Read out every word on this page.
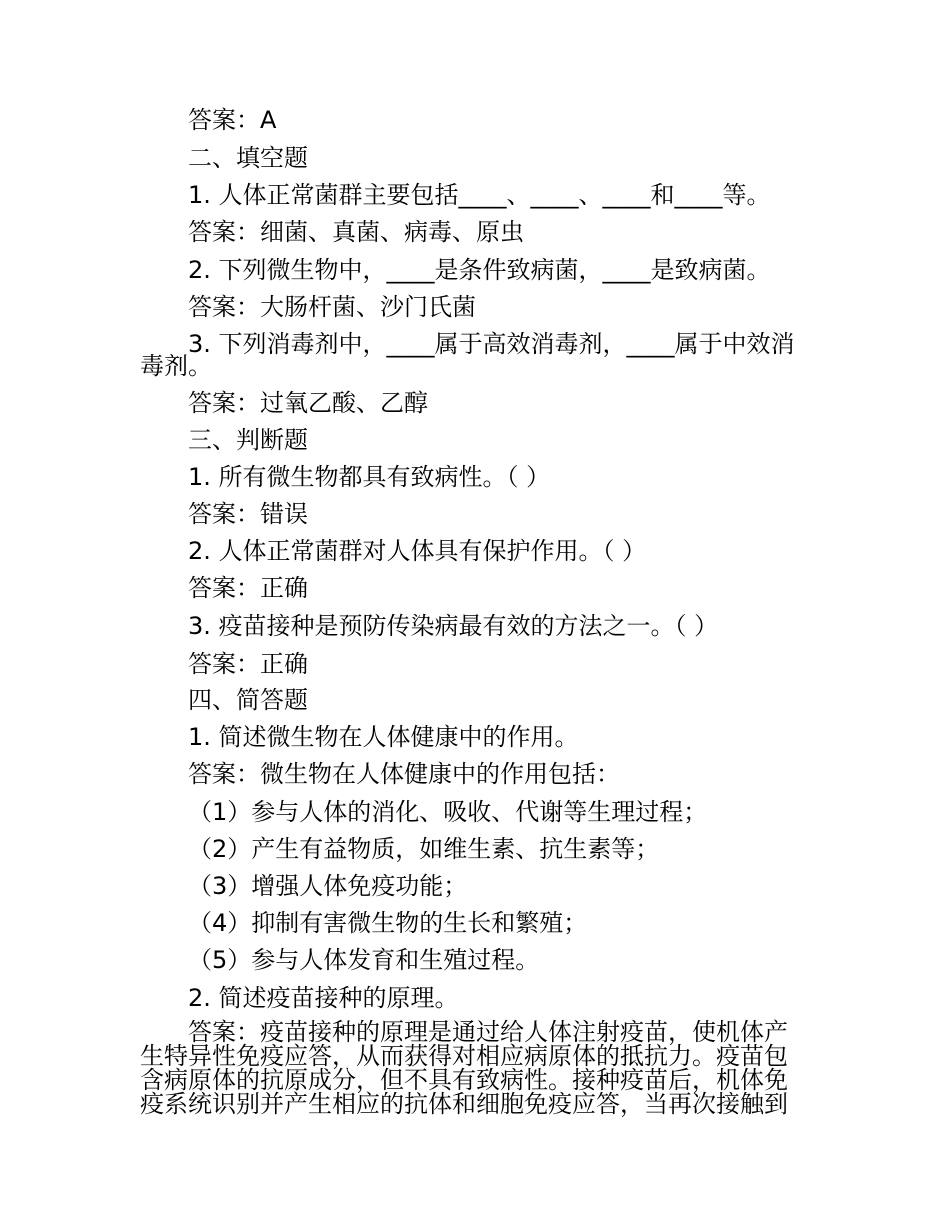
答案：A
二、填空题
1. 人体正常菌群主要包括____、____、____和____等。
答案：细菌、真菌、病毒、原虫
2. 下列微生物中，____是条件致病菌，____是致病菌。
答案：大肠杆菌、沙门氏菌
3. 下列消毒剂中，____属于高效消毒剂，____属于中效消
毒剂。
答案：过氧乙酸、乙醇
三、判断题
1. 所有微生物都具有致病性。（ ）
答案：错误
2. 人体正常菌群对人体具有保护作用。（ ）
答案：正确
3. 疫苗接种是预防传染病最有效的方法之一。（ ）
答案：正确
四、简答题
1. 简述微生物在人体健康中的作用。
答案：微生物在人体健康中的作用包括：
（1）参与人体的消化、吸收、代谢等生理过程；
（2）产生有益物质，如维生素、抗生素等；
（3）增强人体免疫功能；
（4）抑制有害微生物的生长和繁殖；
（5）参与人体发育和生殖过程。
2. 简述疫苗接种的原理。
答案：疫苗接种的原理是通过给人体注射疫苗，使机体产
生特异性免疫应答，从而获得对相应病原体的抵抗力。疫苗包
含病原体的抗原成分，但不具有致病性。接种疫苗后，机体免
疫系统识别并产生相应的抗体和细胞免疫应答，当再次接触到
